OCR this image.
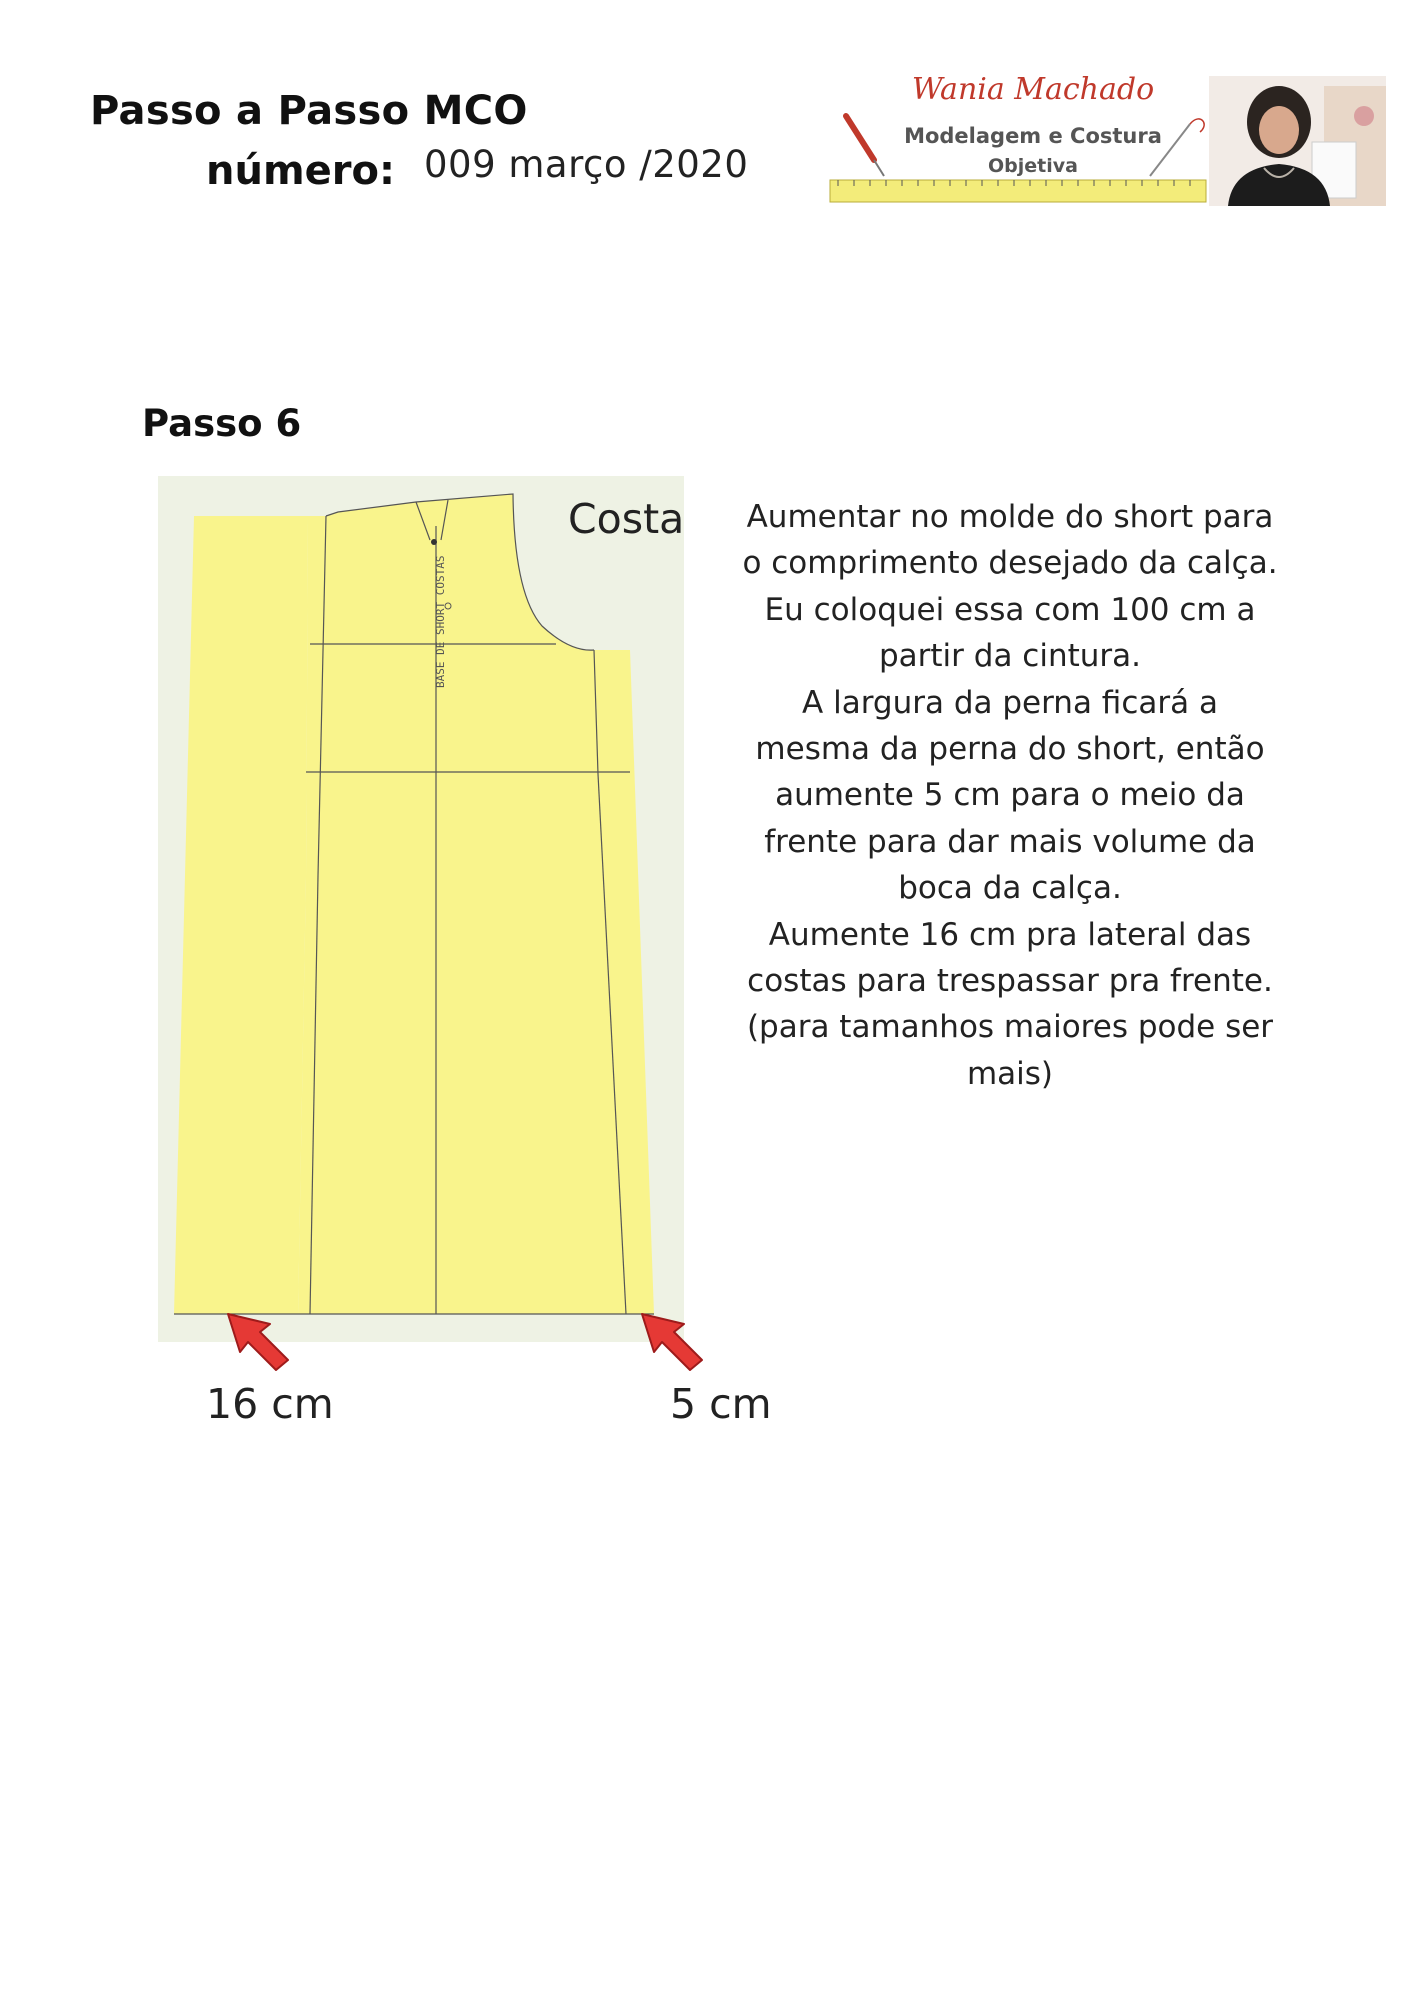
Passo a Passo MCO
número: 009 março /2020
Wania Machado
Modelagem e Costura
Objetiva
Passo 6
BASE DE SHORT COSTAS
Costa Aumentar no molde do short para o comprimento desejado da calça. Eu coloquei essa com 100 cm a partir da cintura.

A largura da perna ficará a mesma da perna do short, então aumente 5 cm para o meio da frente para dar mais volume da boca da calça.

Aumente 16 cm pra lateral das costas para trespassar pra frente. (para tamanhos maiores pode ser mais)

16 cm	5 cm
